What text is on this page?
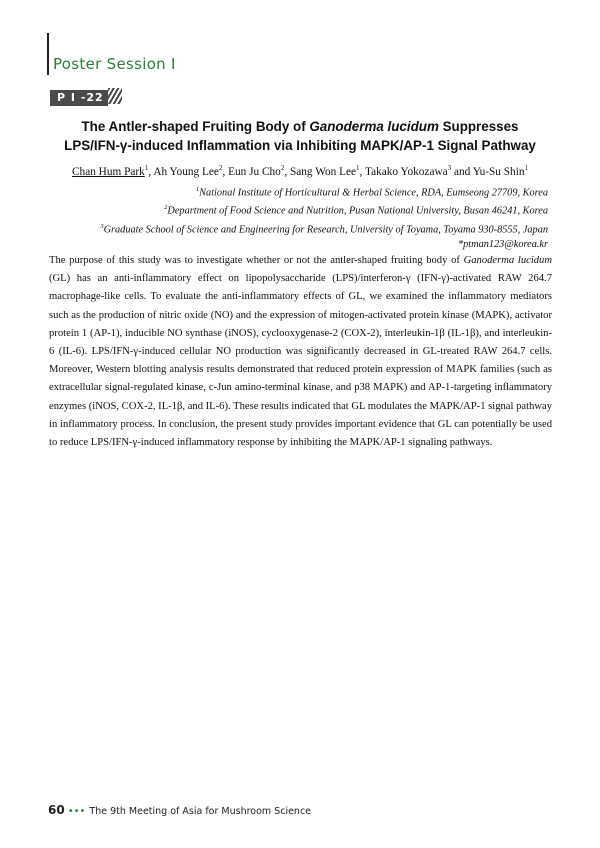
Poster Session I
P I -22
The Antler-shaped Fruiting Body of Ganoderma lucidum Suppresses
LPS/IFN-γ-induced Inflammation via Inhibiting MAPK/AP-1 Signal Pathway
Chan Hum Park$^1$, Ah Young Lee$^2$, Eun Ju Cho$^2$, Sang Won Lee$^1$, Takako Yokozawa$^3$ and Yu-Su Shin$^1$
$^1$National Institute of Horticultural & Herbal Science, RDA, Eumseong 27709, Korea
$^2$Department of Food Science and Nutrition, Pusan National University, Busan 46241, Korea
$^3$Graduate School of Science and Engineering for Research, University of Toyama, Toyama 930-8555, Japan
*ptman123@korea.kr
The purpose of this study was to investigate whether or not the antler-shaped fruiting body of Ganoderma lucidum (GL) has an anti-inflammatory effect on lipopolysaccharide (LPS)/interferon-γ (IFN-γ)-activated RAW 264.7 macrophage-like cells. To evaluate the anti-inflammatory effects of GL, we examined the inflammatory mediators such as the production of nitric oxide (NO) and the expression of mitogen-activated protein kinase (MAPK), activator protein 1 (AP-1), inducible NO synthase (iNOS), cyclooxygenase-2 (COX-2), interleukin-1β (IL-1β), and interleukin-6 (IL-6). LPS/IFN-γ-induced cellular NO production was significantly decreased in GL-treated RAW 264.7 cells. Moreover, Western blotting analysis results demonstrated that reduced protein expression of MAPK families (such as extracellular signal-regulated kinase, c-Jun amino-terminal kinase, and p38 MAPK) and AP-1-targeting inflammatory enzymes (iNOS, COX-2, IL-1β, and IL-6). These results indicated that GL modulates the MAPK/AP-1 signal pathway in inflammatory process. In conclusion, the present study provides important evidence that GL can potentially be used to reduce LPS/IFN-γ-induced inflammatory response by inhibiting the MAPK/AP-1 signaling pathways.
60 ••• The 9th Meeting of Asia for Mushroom Science
